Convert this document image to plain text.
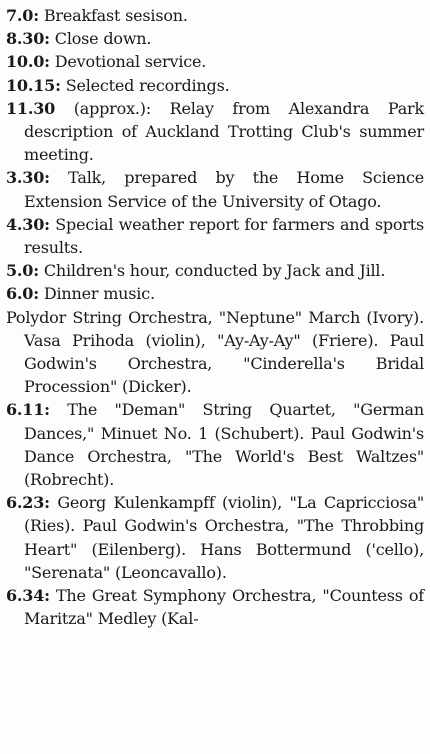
7.0: Breakfast sesison.

8.30: Close down.

10.0: Devotional service.

10.15: Selected recordings.

11.30 (approx.): Relay from Alexandra Park description of Auckland Trotting Club's summer meeting.

3.30: Talk, prepared by the Home Science Extension Service of the University of Otago.

4.30: Special weather report for farmers and sports results.

5.0: Children's hour, conducted by Jack and Jill.

6.0: Dinner music.

Polydor String Orchestra, "Neptune" March (Ivory). Vasa Prihoda (violin), "Ay-Ay-Ay" (Friere). Paul Godwin's Orchestra, "Cinderella's Bridal Procession" (Dicker).

6.11: The "Deman" String Quartet, "German Dances," Minuet No. 1 (Schubert). Paul Godwin's Dance Orchestra, "The World's Best Waltzes" (Robrecht).

6.23: Georg Kulenkampff (violin), "La Capricciosa" (Ries). Paul Godwin's Orchestra, "The Throbbing Heart" (Eilenberg). Hans Bottermund ('cello), "Serenata" (Leoncavallo).

6.34: The Great Symphony Orchestra, "Countess of Maritza" Medley (Kal-
